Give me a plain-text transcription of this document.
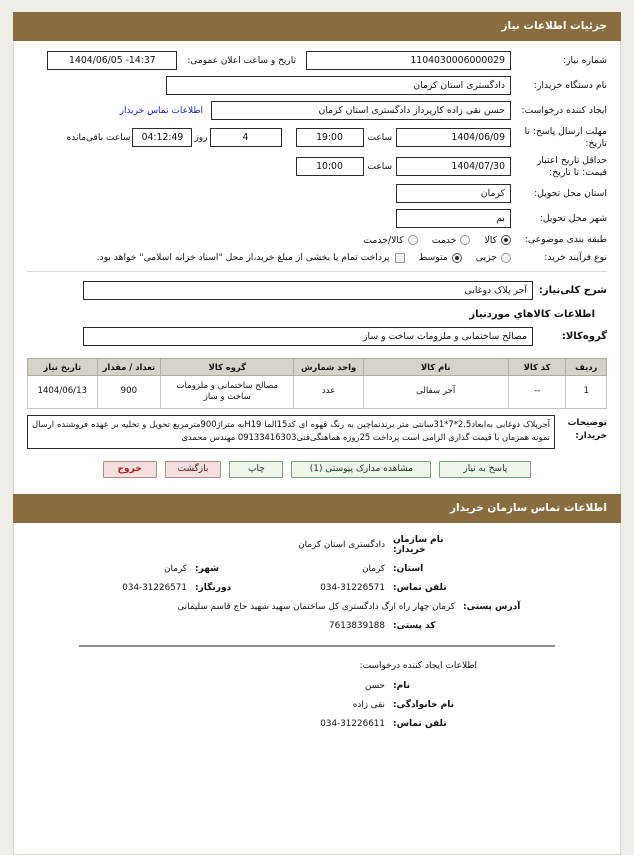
جزئیات اطلاعات نیاز
شماره نیاز:
1104030006000029
تاریخ و ساعت اعلان عمومی:
1404/06/05 -14:37
نام دستگاه خریدار:
دادگستری استان کرمان
ایجاد کننده درخواست:
حسن نقی زاده کارپرداز دادگستری استان کرمان
اطلاعات تماس خریدار
مهلت ارسال پاسخ: تا تاریخ:
1404/06/09
ساعت
19:00
4
روز
04:12:49
ساعت باقی‌مانده
حداقل تاریخ اعتبار قیمت: تا تاریخ:
1404/07/30
ساعت
10:00
استان محل تحویل:
کرمان
شهر محل تحویل:
بم
طبقه بندی موضوعی:
کالا
خدمت
کالا/خدمت
نوع فرآیند خرید:
جزیی
متوسط
پرداخت تمام یا بخشی از مبلغ خرید،از محل "اسناد خزانه اسلامی" خواهد بود.
شرح کلی‌نیاز:
آجر پلاک دوغابی
اطلاعات کالاهاي موردنیاز
گروه‌کالا:
مصالح ساختمانی و ملزومات ساخت و ساز
ردیف	کد کالا	نام کالا	واحد شمارش	گروه کالا	تعداد / مقدار	تاریخ نیاز
1	--	آجر سفالی	عدد	مصالح ساختمانی و ملزومات ساخت و ساز	900	1404/06/13
توضیحات خریدار:
آجرپلاک دوغابی به‌ابعاد2.5*7*31سانتی متر برندنماچین به رنگ قهوه ای کد15الما H19به متراژ900مترمربع تحویل و تخلیه بر عهده فروشنده ارسال نمونه همزمان با قیمت گذاری الزامی است پرداخت 25روزه هماهنگی‌فنی09133416303 مهندس محمدی
پاسخ به نیاز
مشاهده مدارک پیوستی (1)
چاپ
بازگشت
خروج
اطلاعات تماس سازمان خریدار
نام سازمان خریدار:
دادگستری استان کرمان
استان:
کرمان
شهر:
کرمان
تلفن تماس:
034-31226571
دورنگار:
034-31226571
آدرس پستی:
کرمان چهار راه ارگ دادگستری کل ساختمان سهید شهید حاج قاسم سلیمانی
کد پستی:
7613839188
اطلاعات ایجاد کننده درخواست:
نام:
حسن
نام خانوادگی:
نقی زاده
تلفن تماس:
034-31226611
